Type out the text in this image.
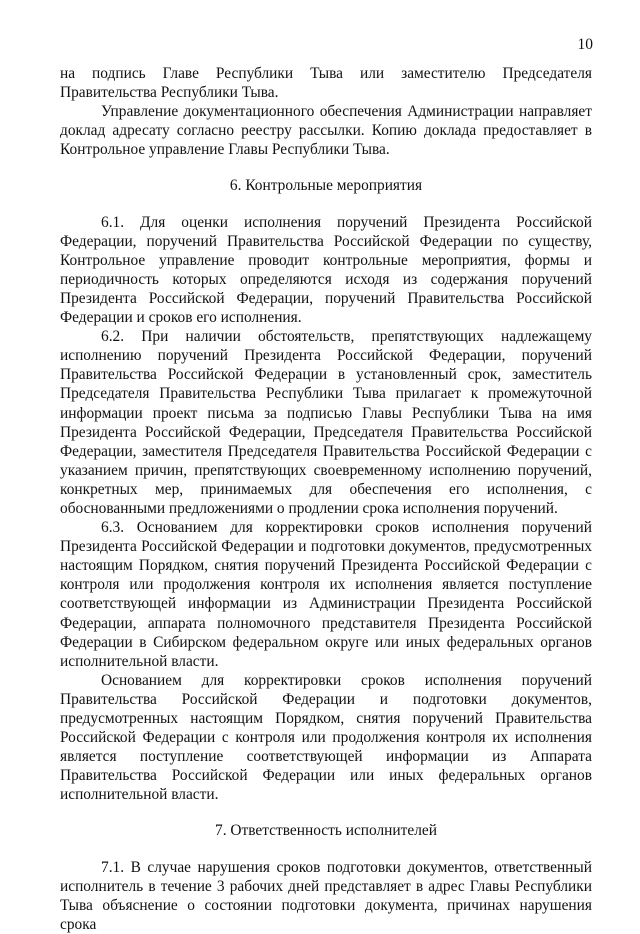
10

на подпись Главе Республики Тыва или заместителю Председателя Правительства Республики Тыва.

Управление документационного обеспечения Администрации направляет доклад адресату согласно реестру рассылки. Копию доклада предоставляет в Контрольное управление Главы Республики Тыва.

6. Контрольные мероприятия

6.1. Для оценки исполнения поручений Президента Российской Федерации, поручений Правительства Российской Федерации по существу, Контрольное управление проводит контрольные мероприятия, формы и периодичность которых определяются исходя из содержания поручений Президента Российской Федерации, поручений Правительства Российской Федерации и сроков его исполнения.

6.2. При наличии обстоятельств, препятствующих надлежащему исполнению поручений Президента Российской Федерации, поручений Правительства Российской Федерации в установленный срок, заместитель Председателя Правительства Республики Тыва прилагает к промежуточной информации проект письма за подписью Главы Республики Тыва на имя Президента Российской Федерации, Председателя Правительства Российской Федерации, заместителя Председателя Правительства Российской Федерации с указанием причин, препятствующих своевременному исполнению поручений, конкретных мер, принимаемых для обеспечения его исполнения, с обоснованными предложениями о продлении срока исполнения поручений.

6.3. Основанием для корректировки сроков исполнения поручений Президента Российской Федерации и подготовки документов, предусмотренных настоящим Порядком, снятия поручений Президента Российской Федерации с контроля или продолжения контроля их исполнения является поступление соответствующей информации из Администрации Президента Российской Федерации, аппарата полномочного представителя Президента Российской Федерации в Сибирском федеральном округе или иных федеральных органов исполнительной власти.

Основанием для корректировки сроков исполнения поручений Правительства Российской Федерации и подготовки документов, предусмотренных настоящим Порядком, снятия поручений Правительства Российской Федерации с контроля или продолжения контроля их исполнения является поступление соответствующей информации из Аппарата Правительства Российской Федерации или иных федеральных органов исполнительной власти.

7. Ответственность исполнителей

7.1. В случае нарушения сроков подготовки документов, ответственный исполнитель в течение 3 рабочих дней представляет в адрес Главы Республики Тыва объяснение о состоянии подготовки документа, причинах нарушения срока
